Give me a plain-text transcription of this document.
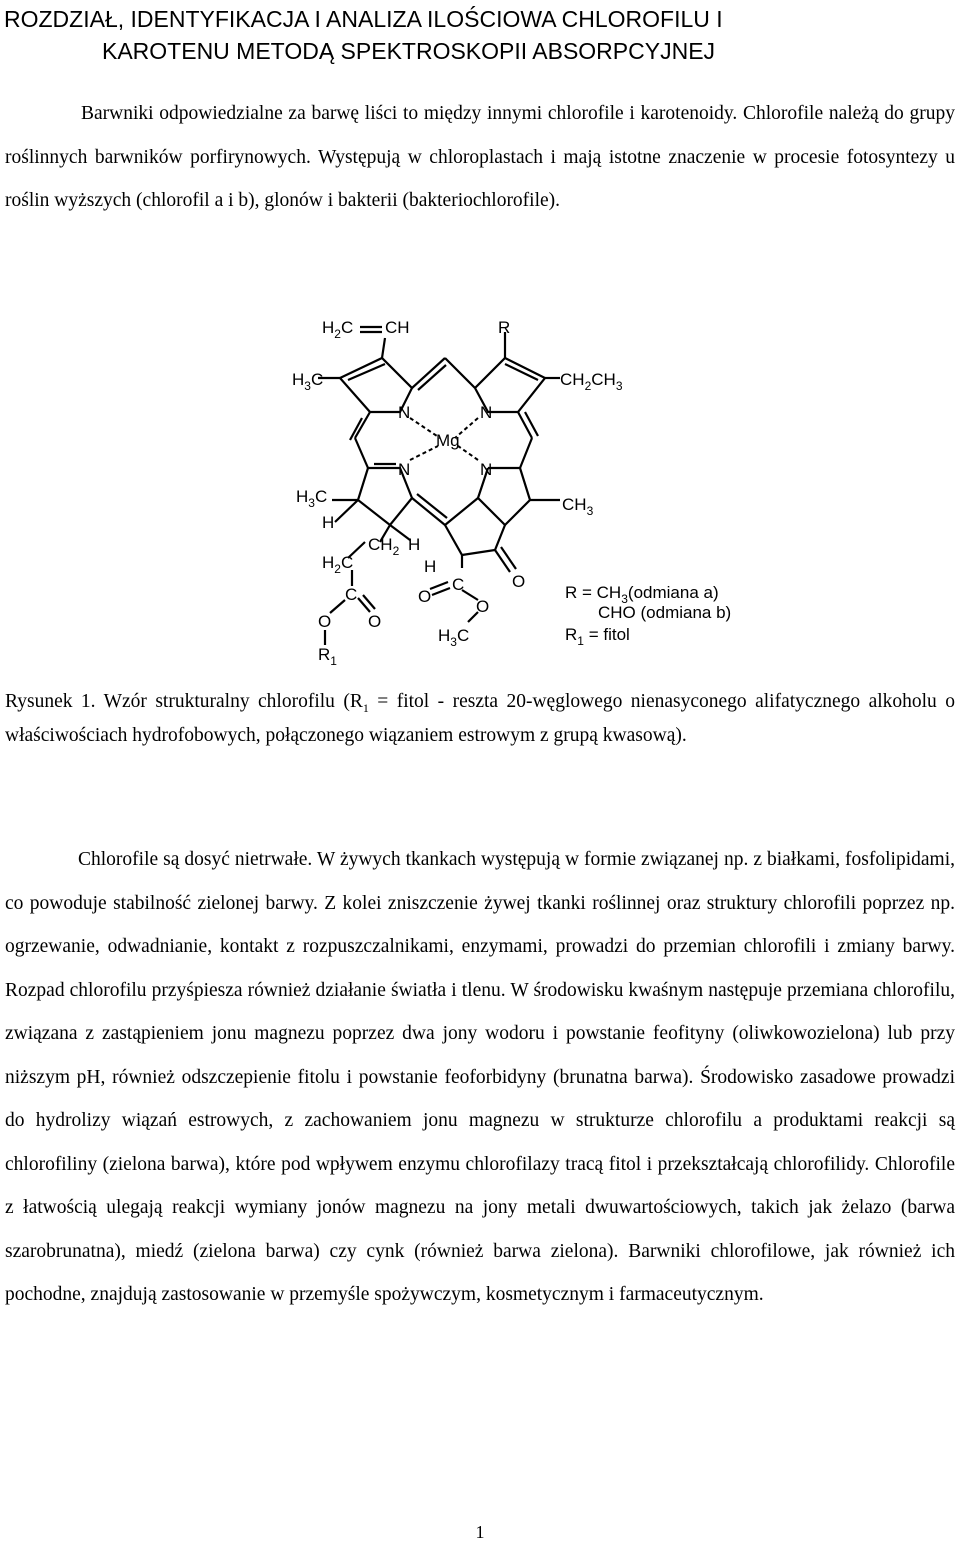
ROZDZIAŁ, IDENTYFIKACJA I ANALIZA ILOŚCIOWA CHLOROFILU I
KAROTENU METODĄ SPEKTROSKOPII ABSORPCYJNEJ

Barwniki odpowiedzialne za barwę liści to między innymi chlorofile i karotenoidy. Chlorofile należą do grupy roślinnych barwników porfirynowych. Występują w chloroplastach i mają istotne znaczenie w procesie fotosyntezy u roślin wyższych (chlorofil a i b), glonów i bakterii (bakteriochlorofile).

$H_2C$ CH	R
$H_3C$	$CH_2CH_3$
N	N
Mg
N	N
$H_3C$
H
$CH_3$
$CH_2$ H
$H_2C$	H
C
O
O
C
O
O O
$H_3C$
$R_1$
$R = CH_3(odmiana$ a)
CHO (odmiana b)
$R_1$ = fitol

Rysunek 1. Wzór strukturalny chlorofilu ($R_1$ = fitol - reszta 20-węglowego nienasyconego alifatycznego alkoholu o właściwościach hydrofobowych, połączonego wiązaniem estrowym z grupą kwasową).

Chlorofile są dosyć nietrwałe. W żywych tkankach występują w formie związanej np. z białkami, fosfolipidami, co powoduje stabilność zielonej barwy. Z kolei zniszczenie żywej tkanki roślinnej oraz struktury chlorofili poprzez np. ogrzewanie, odwadnianie, kontakt z rozpuszczalnikami, enzymami, prowadzi do przemian chlorofili i zmiany barwy. Rozpad chlorofilu przyśpiesza również działanie światła i tlenu. W środowisku kwaśnym następuje przemiana chlorofilu, związana z zastąpieniem jonu magnezu poprzez dwa jony wodoru i powstanie feofityny (oliwkowozielona) lub przy niższym pH, również odszczepienie fitolu i powstanie feoforbidyny (brunatna barwa). Środowisko zasadowe prowadzi do hydrolizy wiązań estrowych, z zachowaniem jonu magnezu w strukturze chlorofilu a produktami reakcji są chlorofiliny (zielona barwa), które pod wpływem enzymu chlorofilazy tracą fitol i przekształcają chlorofilidy. Chlorofile z łatwością ulegają reakcji wymiany jonów magnezu na jony metali dwuwartościowych, takich jak żelazo (barwa szarobrunatna), miedź (zielona barwa) czy cynk (również barwa zielona). Barwniki chlorofilowe, jak również ich pochodne, znajdują zastosowanie w przemyśle spożywczym, kosmetycznym i farmaceutycznym.

1
